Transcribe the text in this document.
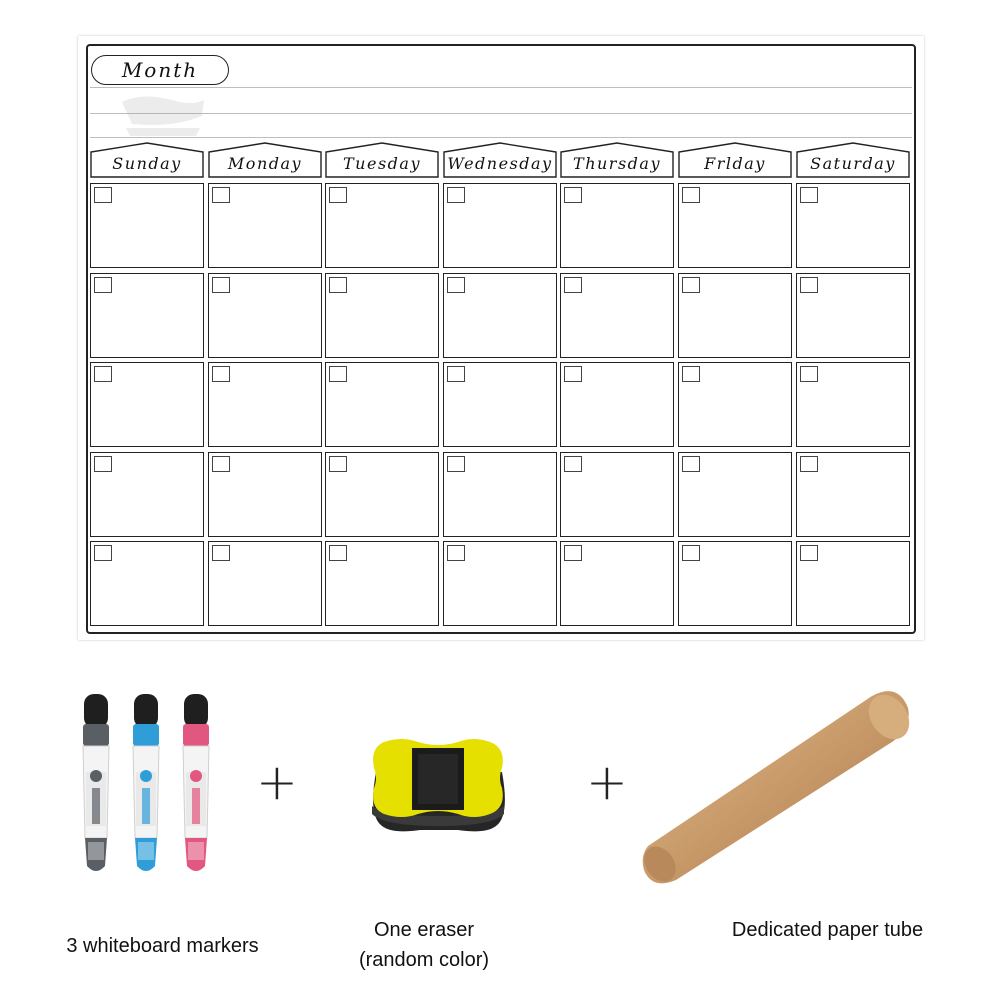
Month
Sunday	Monday	Tuesday	Wednesday	Thursday	Frlday	Saturday
+	+
3 whiteboard markers
One eraser
(random color)
Dedicated paper tube
